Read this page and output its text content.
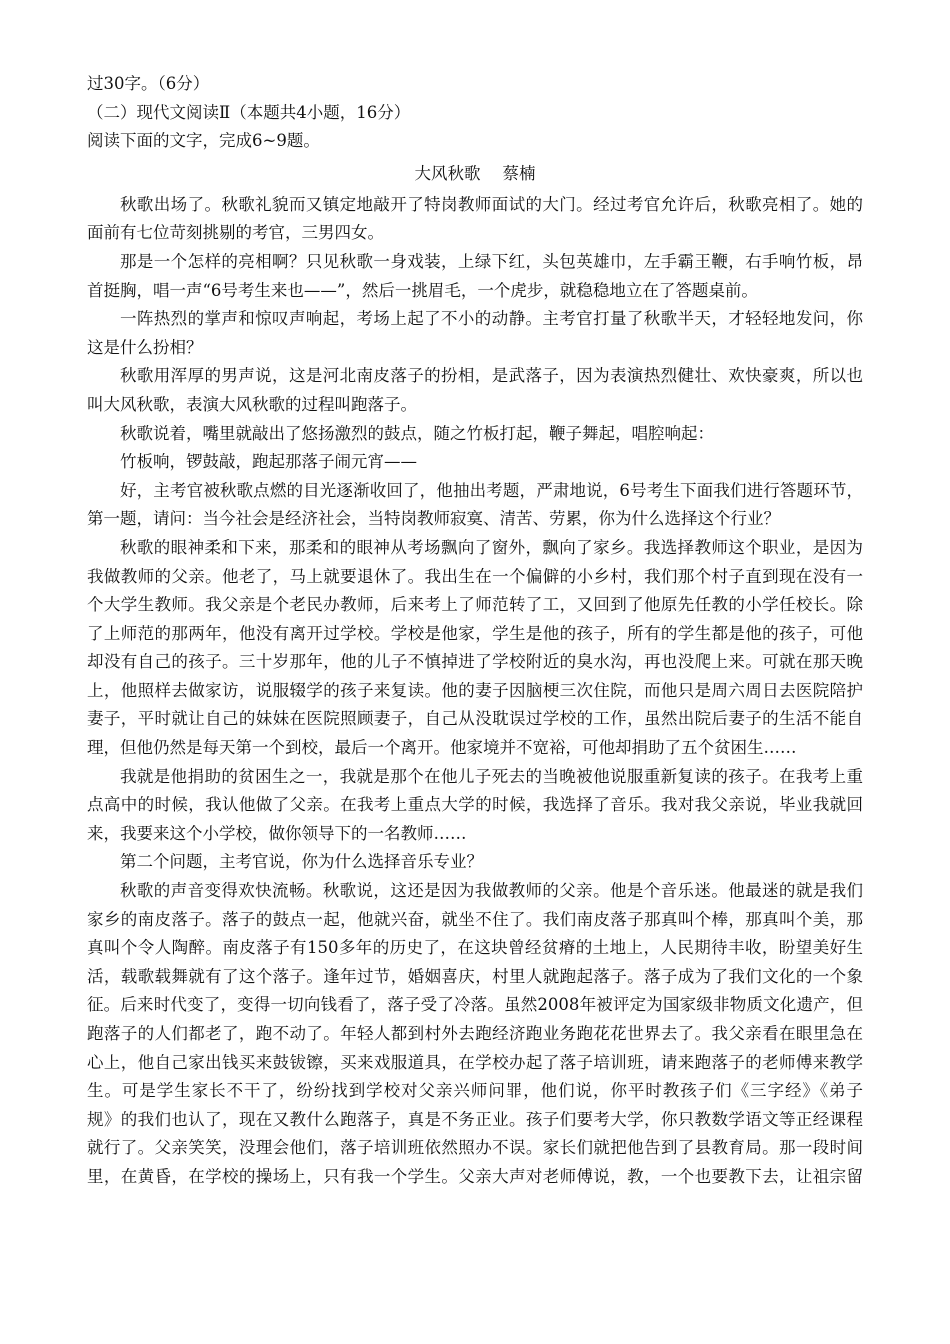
过30字。（6分）
（二）现代文阅读Ⅱ（本题共4小题，16分）
阅读下面的文字，完成6~9题。
大风秋歌 蔡楠
秋歌出场了。秋歌礼貌而又镇定地敲开了特岗教师面试的大门。经过考官允许后，秋歌亮相了。她的
面前有七位苛刻挑剔的考官，三男四女。
那是一个怎样的亮相啊？只见秋歌一身戏装，上绿下红，头包英雄巾，左手霸王鞭，右手响竹板，昂
首挺胸，唱一声“6号考生来也——”，然后一挑眉毛，一个虎步，就稳稳地立在了答题桌前。
一阵热烈的掌声和惊叹声响起，考场上起了不小的动静。主考官打量了秋歌半天，才轻轻地发问，你
这是什么扮相？
秋歌用浑厚的男声说，这是河北南皮落子的扮相，是武落子，因为表演热烈健壮、欢快豪爽，所以也
叫大风秋歌，表演大风秋歌的过程叫跑落子。
秋歌说着，嘴里就敲出了悠扬激烈的鼓点，随之竹板打起，鞭子舞起，唱腔响起：
竹板响，锣鼓敲，跑起那落子闹元宵——
好，主考官被秋歌点燃的目光逐渐收回了，他抽出考题，严肃地说，6号考生下面我们进行答题环节，
第一题，请问：当今社会是经济社会，当特岗教师寂寞、清苦、劳累，你为什么选择这个行业？
秋歌的眼神柔和下来，那柔和的眼神从考场飘向了窗外，飘向了家乡。我选择教师这个职业，是因为
我做教师的父亲。他老了，马上就要退休了。我出生在一个偏僻的小乡村，我们那个村子直到现在没有一
个大学生教师。我父亲是个老民办教师，后来考上了师范转了工，又回到了他原先任教的小学任校长。除
了上师范的那两年，他没有离开过学校。学校是他家，学生是他的孩子，所有的学生都是他的孩子，可他
却没有自己的孩子。三十岁那年，他的儿子不慎掉进了学校附近的臭水沟，再也没爬上来。可就在那天晚
上，他照样去做家访，说服辍学的孩子来复读。他的妻子因脑梗三次住院，而他只是周六周日去医院陪护
妻子，平时就让自己的妹妹在医院照顾妻子，自己从没耽误过学校的工作，虽然出院后妻子的生活不能自
理，但他仍然是每天第一个到校，最后一个离开。他家境并不宽裕，可他却捐助了五个贫困生……
我就是他捐助的贫困生之一，我就是那个在他儿子死去的当晚被他说服重新复读的孩子。在我考上重
点高中的时候，我认他做了父亲。在我考上重点大学的时候，我选择了音乐。我对我父亲说，毕业我就回
来，我要来这个小学校，做你领导下的一名教师……
第二个问题，主考官说，你为什么选择音乐专业？
秋歌的声音变得欢快流畅。秋歌说，这还是因为我做教师的父亲。他是个音乐迷。他最迷的就是我们
家乡的南皮落子。落子的鼓点一起，他就兴奋，就坐不住了。我们南皮落子那真叫个棒，那真叫个美，那
真叫个令人陶醉。南皮落子有150多年的历史了，在这块曾经贫瘠的土地上，人民期待丰收，盼望美好生
活，载歌载舞就有了这个落子。逢年过节，婚姻喜庆，村里人就跑起落子。落子成为了我们文化的一个象
征。后来时代变了，变得一切向钱看了，落子受了冷落。虽然2008年被评定为国家级非物质文化遗产，但
跑落子的人们都老了，跑不动了。年轻人都到村外去跑经济跑业务跑花花世界去了。我父亲看在眼里急在
心上，他自己家出钱买来鼓钹镲，买来戏服道具，在学校办起了落子培训班，请来跑落子的老师傅来教学
生。可是学生家长不干了，纷纷找到学校对父亲兴师问罪，他们说，你平时教孩子们《三字经》《弟子
规》的我们也认了，现在又教什么跑落子，真是不务正业。孩子们要考大学，你只教数学语文等正经课程
就行了。父亲笑笑，没理会他们，落子培训班依然照办不误。家长们就把他告到了县教育局。那一段时间
里，在黄昏，在学校的操场上，只有我一个学生。父亲大声对老师傅说，教，一个也要教下去，让祖宗留
